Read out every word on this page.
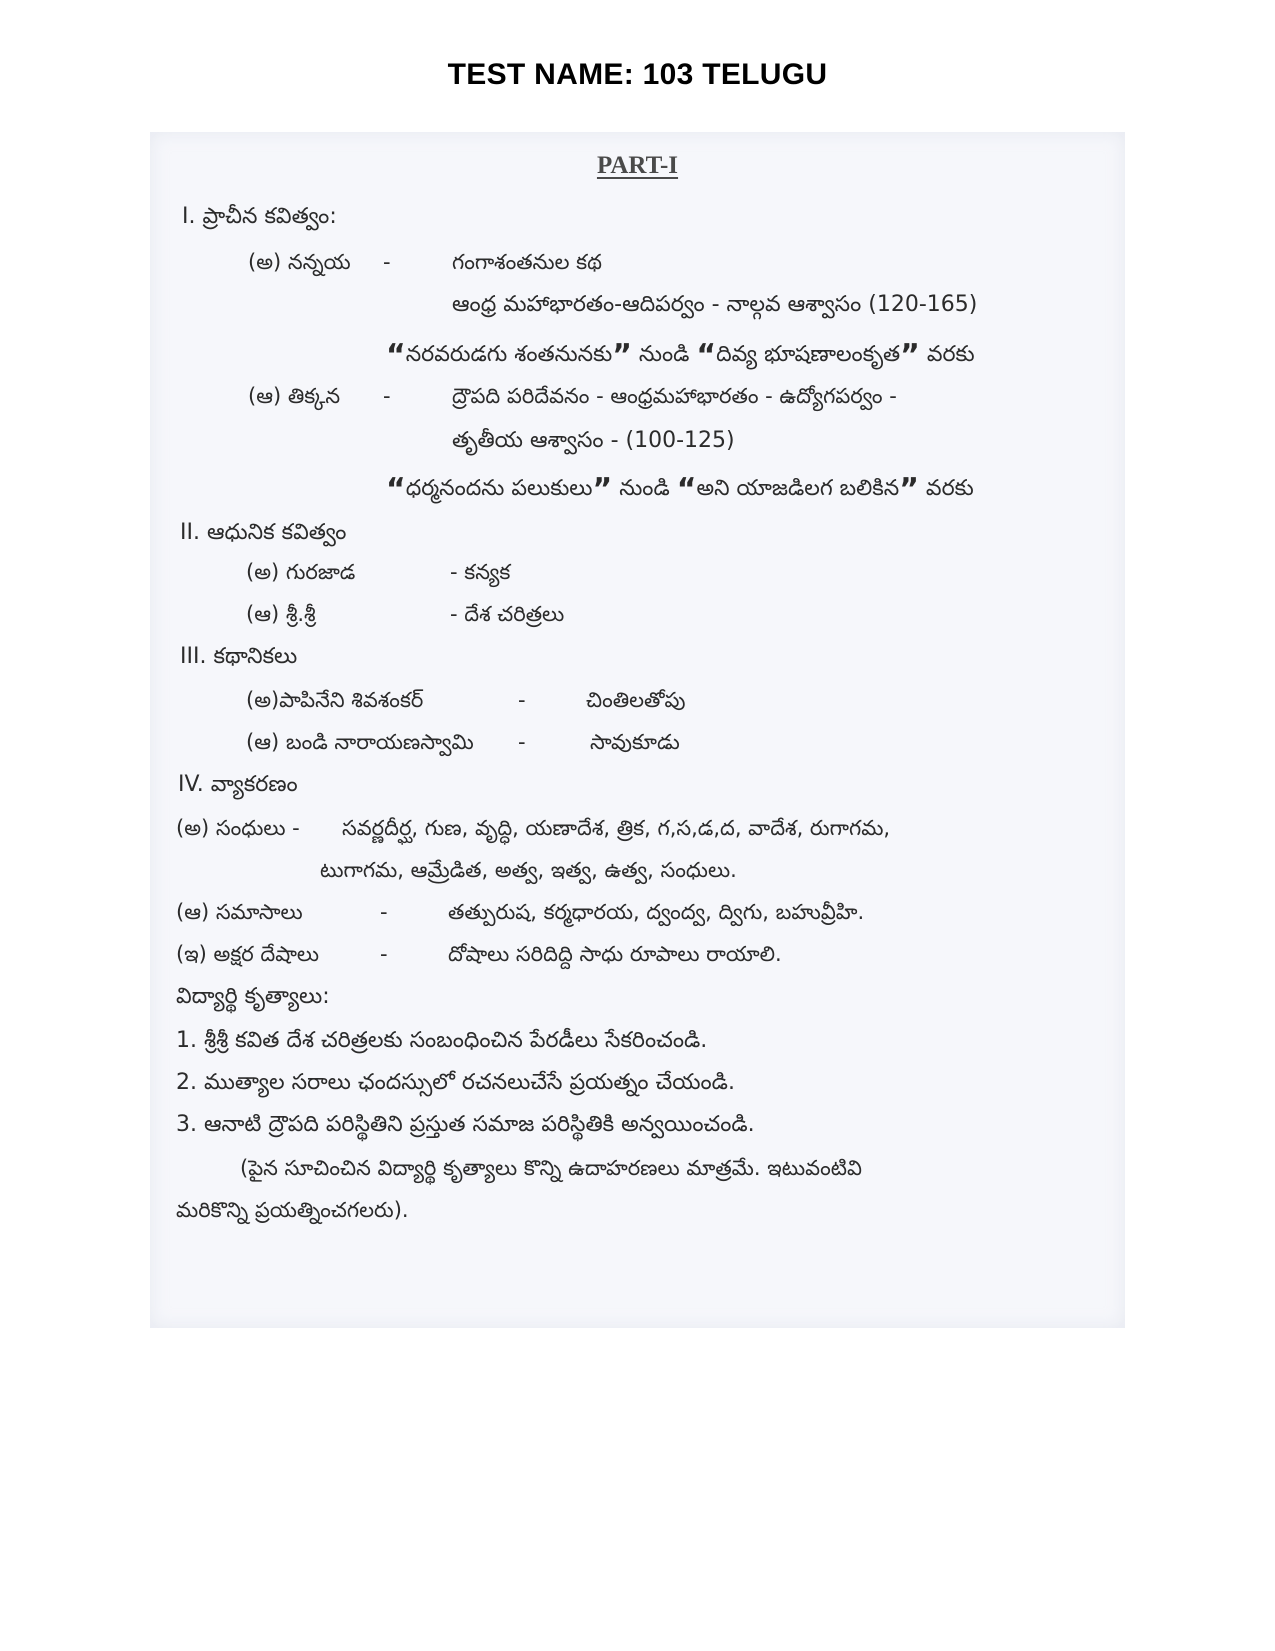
TEST NAME: 103 TELUGU
PART-I
I. ప్రాచీన కవిత్వం:
(అ) నన్నయ -	గంగాశంతనుల కథ
ఆంధ్ర మహాభారతం-ఆదిపర్వం - నాల్గవ ఆశ్వాసం (120-165)
“నరవరుడగు శంతనునకు” నుండి “దివ్య భూషణాలంకృత” వరకు
(ఆ) తిక్కన -	ద్రౌపది పరిదేవనం - ఆంధ్రమహాభారతం - ఉద్యోగపర్వం -
తృతీయ ఆశ్వాసం - (100-125)
“ధర్మనందను పలుకులు” నుండి “అని యాజడిలగ బలికిన” వరకు
II. ఆధునిక కవిత్వం
(అ) గురజాడ	- కన్యక
(ఆ) శ్రీ.శ్రీ	- దేశ చరిత్రలు
III. కథానికలు
(అ)పాపినేని శివశంకర్	-	చింతిలతోపు
(ఆ) బండి నారాయణస్వామి -	సావుకూడు
IV. వ్యాకరణం
(అ) సంధులు - సవర్ణదీర్ఘ, గుణ, వృద్ధి, యణాదేశ, త్రిక, గ,స,డ,ద, వాదేశ, రుగాగమ,
టుగాగమ, ఆమ్రేడిత, అత్వ, ఇత్వ, ఉత్వ, సంధులు.
(ఆ) సమాసాలు	-	తత్పురుష, కర్మధారయ, ద్వంద్వ, ద్విగు, బహువ్రీహి.
(ఇ) అక్షర దేషాలు	-	దోషాలు సరిదిద్ది సాధు రూపాలు రాయాలి.
విద్యార్థి కృత్యాలు:
1. శ్రీశ్రీ కవిత దేశ చరిత్రలకు సంబంధించిన పేరడీలు సేకరించండి.
2. ముత్యాల సరాలు ఛందస్సులో రచనలుచేసే ప్రయత్నం చేయండి.
3. ఆనాటి ద్రౌపది పరిస్థితిని ప్రస్తుత సమాజ పరిస్థితికి అన్వయించండి.
(పైన సూచించిన విద్యార్థి కృత్యాలు కొన్ని ఉదాహరణలు మాత్రమే. ఇటువంటివి
మరికొన్ని ప్రయత్నించగలరు).
